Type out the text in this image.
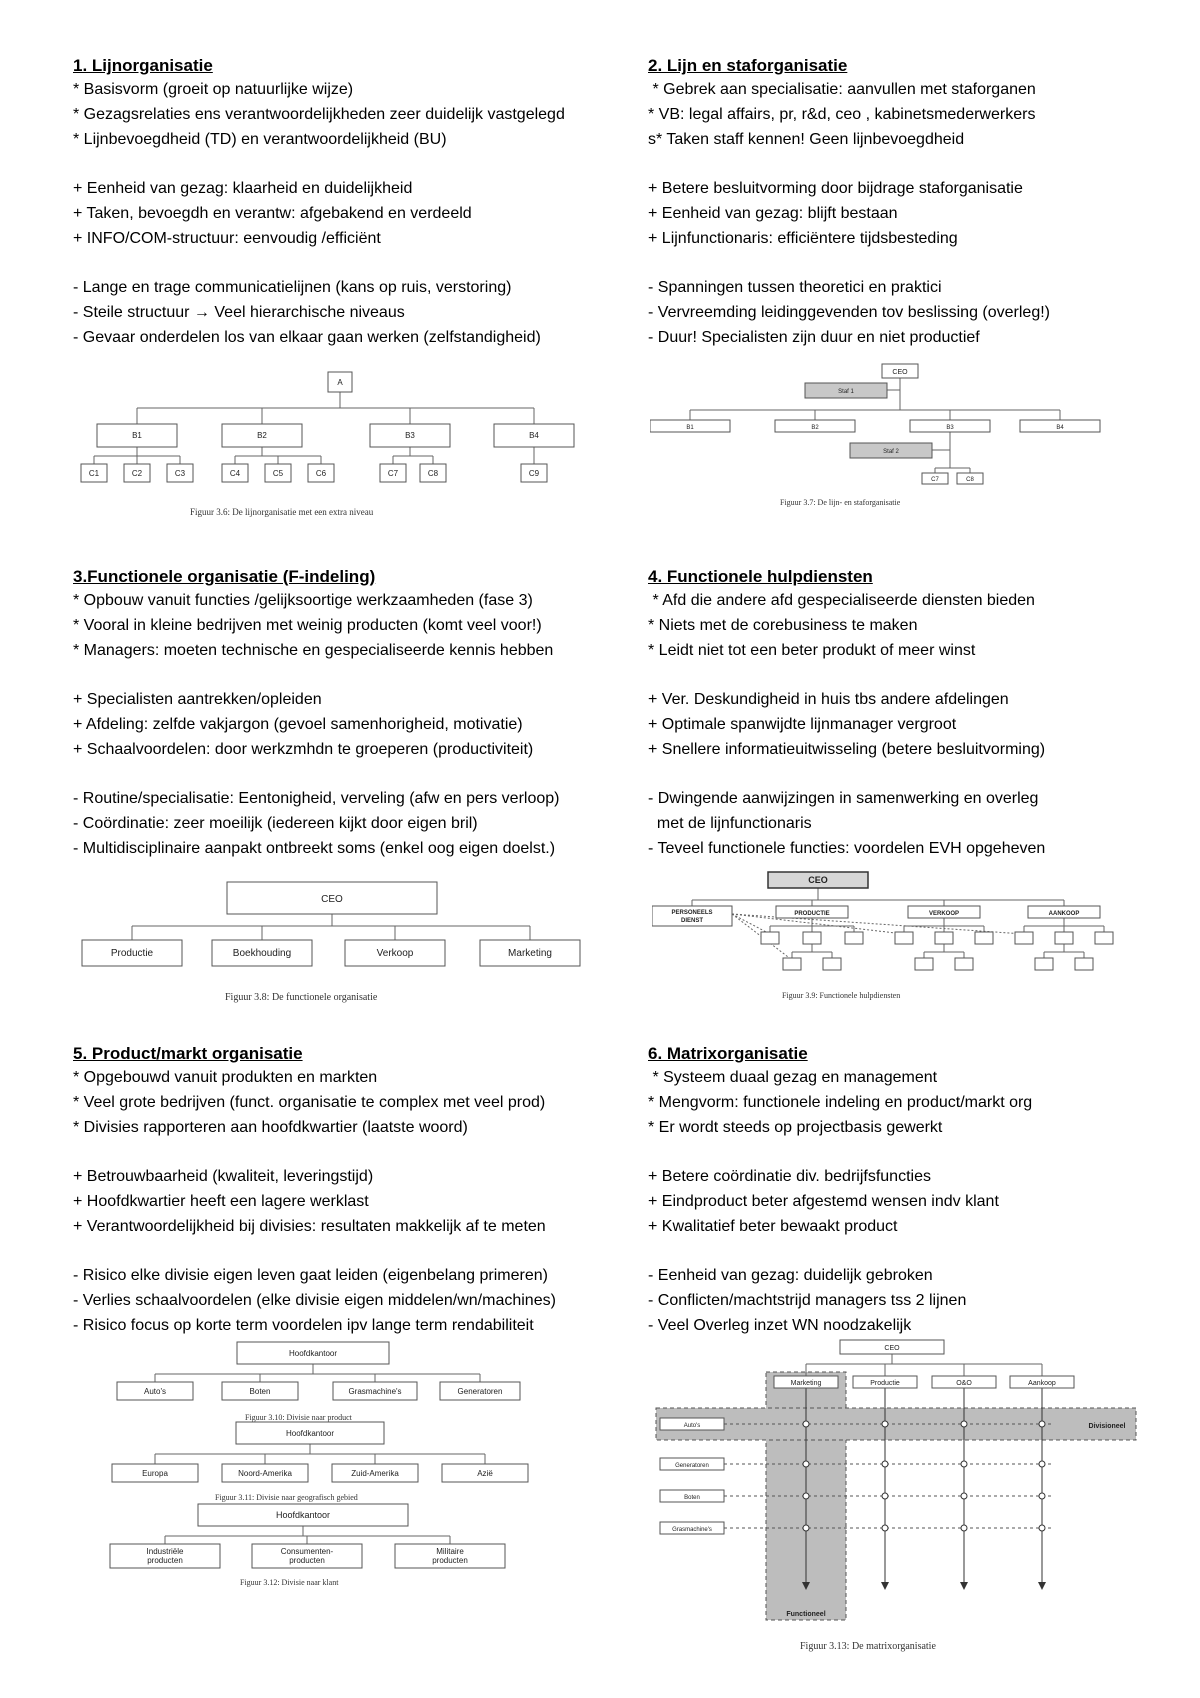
1. Lijnorganisatie
* Basisvorm (groeit op natuurlijke wijze)
* Gezagsrelaties ens verantwoordelijkheden zeer duidelijk vastgelegd
* Lijnbevoegdheid (TD) en verantwoordelijkheid (BU)
+ Eenheid van gezag: klaarheid en duidelijkheid
+ Taken, bevoegdh en verantw: afgebakend en verdeeld
+ INFO/COM-structuur: eenvoudig /efficiënt
- Lange en trage communicatielijnen (kans op ruis, verstoring)
- Steile structuur → Veel hierarchische niveaus
- Gevaar onderdelen los van elkaar gaan werken (zelfstandigheid)
A
B1	B2	B3	B4
C1	C2	C3	C4	C5	C6	C7	C8	C9
Figuur 3.6: De lijnorganisatie met een extra niveau
2. Lijn en staforganisatie
* Gebrek aan specialisatie: aanvullen met staforganen
* VB: legal affairs, pr, r&d, ceo , kabinetsmederwerkers
s* Taken staff kennen! Geen lijnbevoegdheid
+ Betere besluitvorming door bijdrage staforganisatie
+ Eenheid van gezag: blijft bestaan
+ Lijnfunctionaris: efficiëntere tijdsbesteding
- Spanningen tussen theoretici en praktici
- Vervreemding leidinggevenden tov beslissing (overleg!)
- Duur! Specialisten zijn duur en niet productief
CEO
Staf 1
B1	B2	B3	B4
Staf 2
C7	C8
Figuur 3.7: De lijn- en staforganisatie
3.Functionele organisatie (F-indeling)
* Opbouw vanuit functies /gelijksoortige werkzaamheden (fase 3)
* Vooral in kleine bedrijven met weinig producten (komt veel voor!)
* Managers: moeten technische en gespecialiseerde kennis hebben
+ Specialisten aantrekken/opleiden
+ Afdeling: zelfde vakjargon (gevoel samenhorigheid, motivatie)
+ Schaalvoordelen: door werkzmhdn te groeperen (productiviteit)
- Routine/specialisatie: Eentonigheid, verveling (afw en pers verloop)
- Coördinatie: zeer moeilijk (iedereen kijkt door eigen bril)
- Multidisciplinaire aanpakt ontbreekt soms (enkel oog eigen doelst.)
CEO
Productie	Boekhouding	Verkoop	Marketing
Figuur 3.8: De functionele organisatie
4. Functionele hulpdiensten
* Afd die andere afd gespecialiseerde diensten bieden
* Niets met de corebusiness te maken
* Leidt niet tot een beter produkt of meer winst
+ Ver. Deskundigheid in huis tbs andere afdelingen
+ Optimale spanwijdte lijnmanager vergroot
+ Snellere informatieuitwisseling (betere besluitvorming)
- Dwingende aanwijzingen in samenwerking en overleg
met de lijnfunctionaris
- Teveel functionele functies: voordelen EVH opgeheven
CEO
PERSONEELS
DIENST
PRODUCTIE	VERKOOP	AANKOOP
Figuur 3.9: Functionele hulpdiensten
5. Product/markt organisatie
* Opgebouwd vanuit produkten en markten
* Veel grote bedrijven (funct. organisatie te complex met veel prod)
* Divisies rapporteren aan hoofdkwartier (laatste woord)
+ Betrouwbaarheid (kwaliteit, leveringstijd)
+ Hoofdkwartier heeft een lagere werklast
+ Verantwoordelijkheid bij divisies: resultaten makkelijk af te meten
- Risico elke divisie eigen leven gaat leiden (eigenbelang primeren)
- Verlies schaalvoordelen (elke divisie eigen middelen/wn/machines)
- Risico focus op korte term voordelen ipv lange term rendabiliteit
Hoofdkantoor
Auto's	Boten	Grasmachine's	Generatoren
Figuur 3.10: Divisie naar product
Hoofdkantoor
Europa	Noord-Amerika	Zuid-Amerika	Azië
Figuur 3.11: Divisie naar geografisch gebied
Hoofdkantoor
Industriële
producten
Consumenten-
producten
Militaire
producten
Figuur 3.12: Divisie naar klant
6. Matrixorganisatie
* Systeem duaal gezag en management
* Mengvorm: functionele indeling en product/markt org
* Er wordt steeds op projectbasis gewerkt
+ Betere coördinatie div. bedrijfsfuncties
+ Eindproduct beter afgestemd wensen indv klant
+ Kwalitatief beter bewaakt product
- Eenheid van gezag: duidelijk gebroken
- Conflicten/machtstrijd managers tss 2 lijnen
- Veel Overleg inzet WN noodzakelijk
CEO
Marketing	Productie	O&O	Aankoop
Auto's
Generatoren
Boten
Grasmachine's
Divisioneel
Functioneel
Figuur 3.13: De matrixorganisatie
